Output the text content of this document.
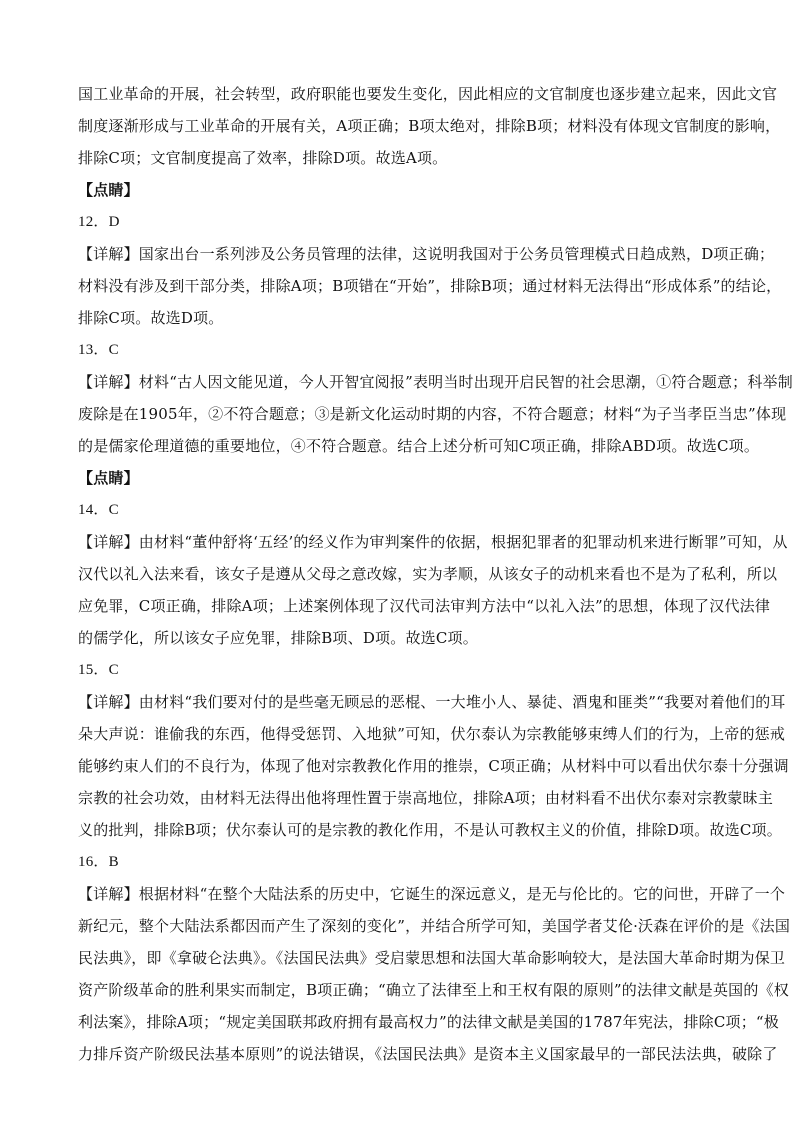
国工业革命的开展，社会转型，政府职能也要发生变化，因此相应的文官制度也逐步建立起来，因此文官
制度逐渐形成与工业革命的开展有关，A项正确；B项太绝对，排除B项；材料没有体现文官制度的影响，
排除C项；文官制度提高了效率，排除D项。故选A项。
【点睛】
12．D
【详解】国家出台一系列涉及公务员管理的法律，这说明我国对于公务员管理模式日趋成熟，D项正确；
材料没有涉及到干部分类，排除A项；B项错在“开始”，排除B项；通过材料无法得出“形成体系”的结论，
排除C项。故选D项。
13．C
【详解】材料“古人因文能见道，今人开智宜阅报”表明当时出现开启民智的社会思潮，①符合题意；科举制
废除是在1905年，②不符合题意；③是新文化运动时期的内容，不符合题意；材料“为子当孝臣当忠”体现
的是儒家伦理道德的重要地位，④不符合题意。结合上述分析可知C项正确，排除ABD项。故选C项。
【点睛】
14．C
【详解】由材料“董仲舒将‘五经’的经义作为审判案件的依据，根据犯罪者的犯罪动机来进行断罪”可知，从
汉代以礼入法来看，该女子是遵从父母之意改嫁，实为孝顺，从该女子的动机来看也不是为了私利，所以
应免罪，C项正确，排除A项；上述案例体现了汉代司法审判方法中“以礼入法”的思想，体现了汉代法律
的儒学化，所以该女子应免罪，排除B项、D项。故选C项。
15．C
【详解】由材料“我们要对付的是些毫无顾忌的恶棍、一大堆小人、暴徒、酒鬼和匪类”“我要对着他们的耳
朵大声说：谁偷我的东西，他得受惩罚、入地狱”可知，伏尔泰认为宗教能够束缚人们的行为，上帝的惩戒
能够约束人们的不良行为，体现了他对宗教教化作用的推崇，C项正确；从材料中可以看出伏尔泰十分强调
宗教的社会功效，由材料无法得出他将理性置于崇高地位，排除A项；由材料看不出伏尔泰对宗教蒙昧主
义的批判，排除B项；伏尔泰认可的是宗教的教化作用，不是认可教权主义的价值，排除D项。故选C项。
16．B
【详解】根据材料“在整个大陆法系的历史中，它诞生的深远意义，是无与伦比的。它的问世，开辟了一个
新纪元，整个大陆法系都因而产生了深刻的变化”，并结合所学可知，美国学者艾伦·沃森在评价的是《法国
民法典》，即《拿破仑法典》。《法国民法典》受启蒙思想和法国大革命影响较大，是法国大革命时期为保卫
资产阶级革命的胜利果实而制定，B项正确；“确立了法律至上和王权有限的原则”的法律文献是英国的《权
利法案》，排除A项；“规定美国联邦政府拥有最高权力”的法律文献是美国的1787年宪法，排除C项；“极
力排斥资产阶级民法基本原则”的说法错误，《法国民法典》是资本主义国家最早的一部民法法典，破除了
